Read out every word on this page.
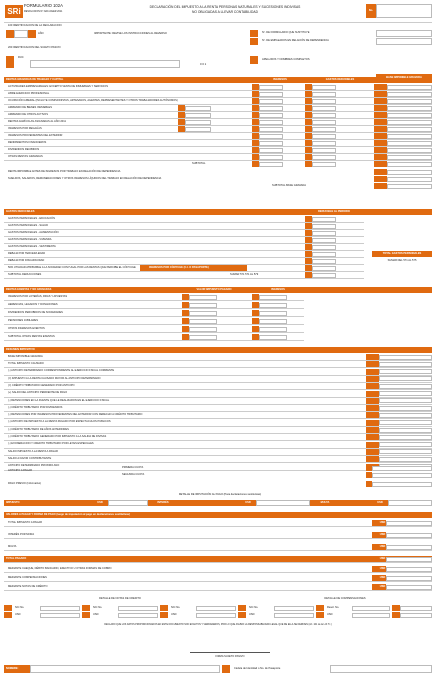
SRi
FORMULARIO 102A
RESOLUCIÓN Nº NAC-DGER 2011
DECLARACIÓN DEL IMPUESTO A LA RENTA PERSONAS NATURALES Y SUCESIONES INDIVISAS
NO OBLIGADAS A LLEVAR CONTABILIDAD
No.
100 IDENTIFICACIÓN DE LA DECLARACIÓN
AÑO	IMPORTANTE: REVISE LOS INSTRUCCIONES AL REVERSO	Nº. DE FORMULARIO QUE SUSTITUYE
Nº. DE EMPLEADOS EN RELACIÓN DE DEPENDENCIA
200 IDENTIFICACIÓN DEL SUJETO PASIVO
RUC
0 0 1
APELLIDOS Y NOMBRES COMPLETOS
RENTAS GRAVADAS DE TRABAJO Y CAPITAL	INGRESOS	GASTOS DEDUCIBLES	BASE IMPONIBLE GRAVADA
ACTIVIDADES EMPRESARIALES: EXCEPTO VENTA DE INMUEBLES Y SERVICIOS
LIBRE EJERCICIO PROFESIONAL
OCUPACIÓN LIBERAL (INCLUYE COMISIONISTAS, ARTESANOS, AGENTES, REPRESENTANTES Y OTROS TRABAJADORES AUTÓNOMOS)
ARRIENDO DE BIENES INMUEBLES
ARRIENDO DE OTROS ACTIVOS
RENTAS AGRÍCOLAS ASIGNADAS AL AÑO 2011
INGRESOS POR REGALÍAS
INGRESOS PROVENIENTES DEL EXTERIOR
RENDIMIENTOS FINANCIEROS
DIVIDENDOS RECIBIDOS
OTRAS RENTAS GRAVADAS
SUBTOTAL
RENTA IMPONIBLE ANTES DE INGRESOS POR TRABAJO EN RELACIÓN DE DEPENDENCIA
SUELDOS, SALARIOS, REMUNERACIONES Y OTROS INGRESOS LÍQUIDOS DEL TRABAJO EN RELACIÓN DE DEPENDENCIA
SUBTOTAL BASE GRAVADA
GASTOS DEDUCIBLES	DEDUCIBLE AL PERIODO
GASTOS PERSONALES - EDUCACIÓN
GASTOS PERSONALES - SALUD
GASTOS PERSONALES - ALIMENTACIÓN
GASTOS PERSONALES - VIVIENDA
GASTOS PERSONALES - VESTIMENTA
REBAJA POR TERCERA EDAD
REBAJA POR DISCAPACIDAD
50% UTILIDAD ATRIBUIBLE A LA SOCIEDAD CONYUGAL POR LAS RENTAS QUE PERCIBE EL CÓNYUGE
SUBTOTAL DEDUCCIONES
TOTAL GASTOS PERSONALES
SUMAR DEL 571 AL 575
INGRESOS POR CÓNYUGE (C.I. O PASAPORTE)
SUMAR 571 571 AL 579
RENTAS EXENTAS Y NO GRAVADAS	VALOR IMPUESTO PAGADO	INGRESOS
INGRESOS POR LOTERÍAS, RIFAS Y APUESTAS
HERENCIAS, LEGADOS Y DONACIONES
DIVIDENDOS PERCIBIDOS DE SOCIEDADES
PENSIONES JUBILARES
OTROS INGRESOS EXENTOS
SUBTOTAL OTRAS RENTAS EXENTAS
RESUMEN IMPOSITIVO
BASE IMPONIBLE GRAVADA
TOTAL IMPUESTO CAUSADO
(-) ANTICIPO DETERMINADO CORRESPONDIENTE AL EJERCICIO FISCAL CORRIENTE
(=) IMPUESTO A LA RENTA CAUSADO MAYOR AL ANTICIPO DETERMINADO
(=) CRÉDITO TRIBUTARIO GENERADO POR ANTICIPO
(+) SALDO DEL ANTICIPO PENDIENTE DE PAGO
(-) RETENCIONES EN LA FUENTE QUE LE REALIZARON EN EL EJERCICIO FISCAL
(-) CRÉDITO TRIBUTARIO POR DIVIDENDOS
(-) RETENCIONES POR INGRESOS PROVENIENTES DEL EXTERIOR CON DERECHO A CRÉDITO TRIBUTARIO
(-) ANTICIPO DE IMPUESTO A LA RENTA PAGADO POR ESPECTÁCULOS PÚBLICOS
(-) CRÉDITO TRIBUTARIO DE AÑOS ANTERIORES
(-) CRÉDITO TRIBUTARIO GENERADO POR IMPUESTO A LA SALIDA DE DIVISAS
(-) EXONERACIÓN Y CRÉDITO TRIBUTARIO POR LEYES ESPECIALES
SALDO IMPUESTO A LA RENTA A PAGAR
SALDO A FAVOR CONTRIBUYENTE
ANTICIPO DETERMINADO PRÓXIMO AÑO
ANTICIPO A PAGAR
PRIMERA CUOTA
SEGUNDA CUOTA
PAGO PREVIO (Informativo)
DETALLE DE IMPUTACIÓN AL PAGO (Para declaraciones sustitutivas)
IMPUESTO	USD	INTERÉS	USD	MULTA	USD
VALORES A PAGAR Y FORMA DE PAGO (luego de imputación al pago en declaraciones sustitutivas)
TOTAL IMPUESTO A PAGAR	USD
INTERÉS POR MORA	USD
MULTA	USD
TOTAL PAGADO	USD
MEDIANTE CHEQUE, DÉBITO BANCARIO, EFECTIVO U OTRAS FORMAS DE COBRO	USD
MEDIANTE COMPENSACIONES	USD
MEDIANTE NOTAS DE CRÉDITO	USD
DETALLE DE NOTAS DE CRÉDITO	DETALLE DE COMPENSACIONES
N/C No.	N/C No.	N/C No.	N/C No.	Resol. No.
USD	USD	USD	USD	USD
DECLARO QUE LOS DATOS PROPORCIONADOS EN ESTE DOCUMENTO SON EXACTOS Y VERDADEROS, POR LO QUE ASUMO LA RESPONSABILIDAD LEGAL QUE DE ELLA SE DERIVEN (Art. 101 de la L.R.T.I.)
FIRMA SUJETO PASIVO
NOMBRE:	Cédula de Identidad o No. de Pasaporte
